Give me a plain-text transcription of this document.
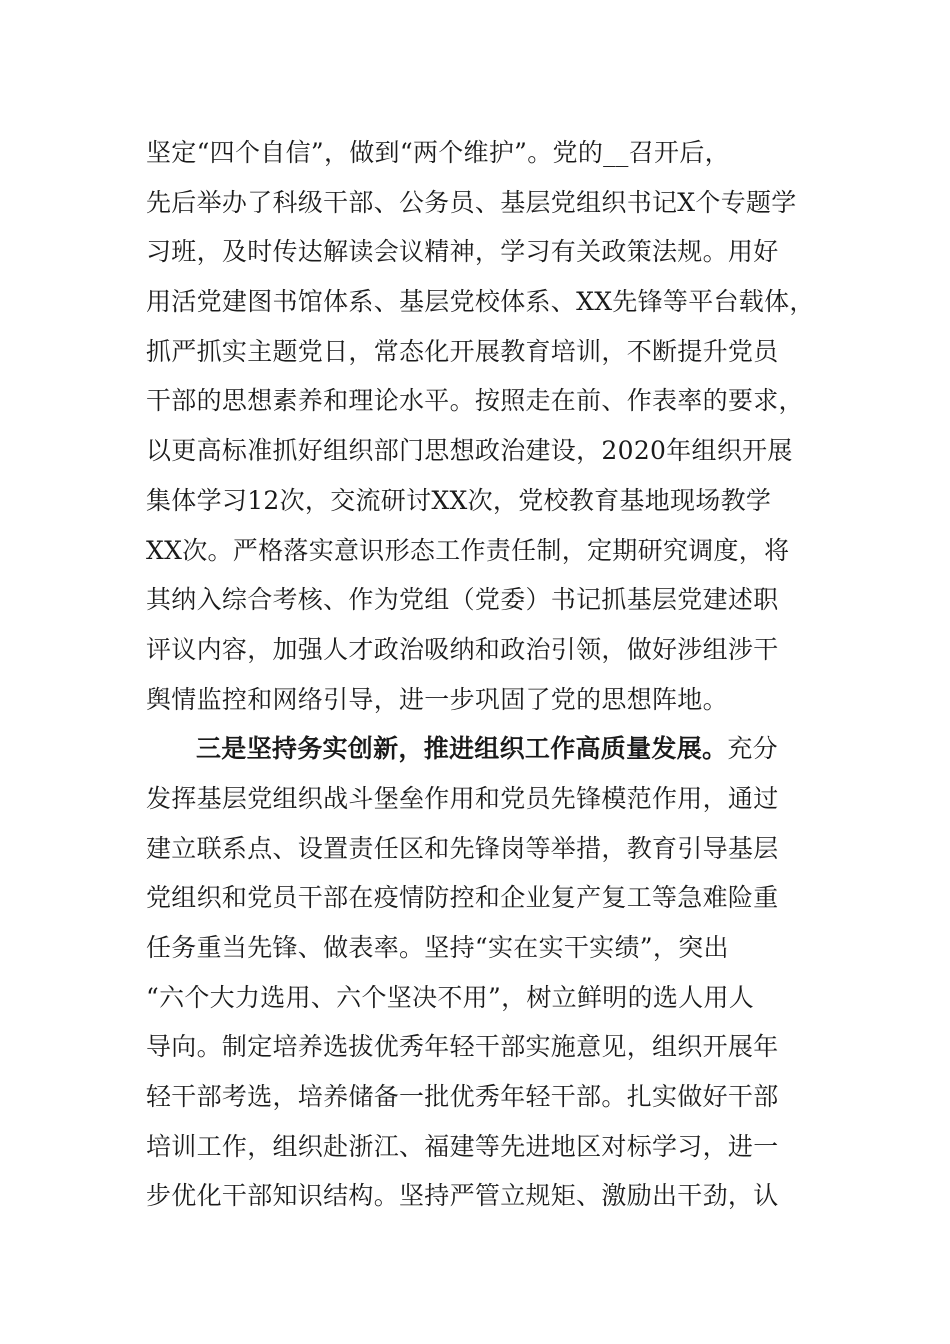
坚定“四个自信”，做到“两个维护”。党的__召开后，
先后举办了科级干部、公务员、基层党组织书记X个专题学
习班，及时传达解读会议精神，学习有关政策法规。用好
用活党建图书馆体系、基层党校体系、XX先锋等平台载体，
抓严抓实主题党日，常态化开展教育培训，不断提升党员
干部的思想素养和理论水平。按照走在前、作表率的要求，
以更高标准抓好组织部门思想政治建设，2020年组织开展
集体学习12次，交流研讨XX次，党校教育基地现场教学
XX次。严格落实意识形态工作责任制，定期研究调度，将
其纳入综合考核、作为党组（党委）书记抓基层党建述职
评议内容，加强人才政治吸纳和政治引领，做好涉组涉干
舆情监控和网络引导，进一步巩固了党的思想阵地。
三是坚持务实创新，推进组织工作高质量发展。充分
发挥基层党组织战斗堡垒作用和党员先锋模范作用，通过
建立联系点、设置责任区和先锋岗等举措，教育引导基层
党组织和党员干部在疫情防控和企业复产复工等急难险重
任务重当先锋、做表率。坚持“实在实干实绩”，突出
“六个大力选用、六个坚决不用”，树立鲜明的选人用人
导向。制定培养选拔优秀年轻干部实施意见，组织开展年
轻干部考选，培养储备一批优秀年轻干部。扎实做好干部
培训工作，组织赴浙江、福建等先进地区对标学习，进一
步优化干部知识结构。坚持严管立规矩、激励出干劲，认
